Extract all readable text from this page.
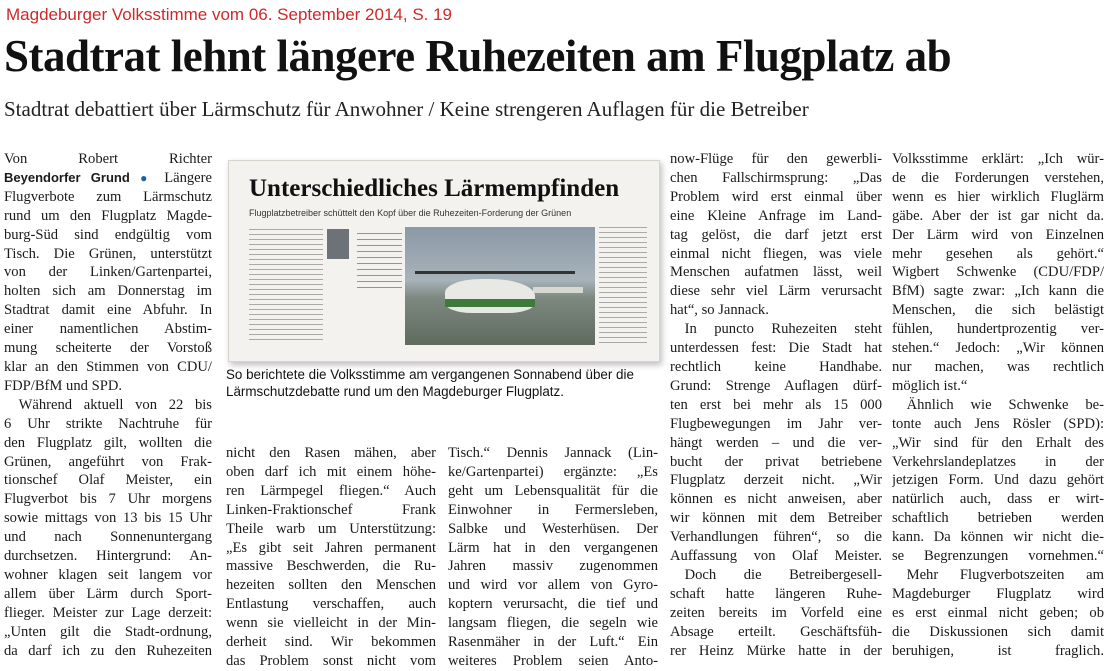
Magdeburger Volksstimme vom 06. September 2014, S. 19
Stadtrat lehnt längere Ruhezeiten am Flugplatz ab
Stadtrat debattiert über Lärmschutz für Anwohner / Keine strengeren Auflagen für die Betreiber
Von Robert Richter
Beyendorfer Grund ● Längere
Flugverbote zum Lärmschutz
rund um den Flugplatz Magde-
burg-Süd sind endgültig vom
Tisch. Die Grünen, unterstützt
von der Linken/Gartenpartei,
holten sich am Donnerstag im
Stadtrat damit eine Abfuhr. In
einer namentlichen Abstim-
mung scheiterte der Vorstoß
klar an den Stimmen von CDU/
FDP/BfM und SPD.
 Während aktuell von 22 bis
6 Uhr strikte Nachtruhe für
den Flugplatz gilt, wollten die
Grünen, angeführt von Frak-
tionschef Olaf Meister, ein
Flugverbot bis 7 Uhr morgens
sowie mittags von 13 bis 15 Uhr
und nach Sonnenuntergang
durchsetzen. Hintergrund: An-
wohner klagen seit langem vor
allem über Lärm durch Sport-
flieger. Meister zur Lage derzeit:
„Unten gilt die Stadt-ordnung,
da darf ich zu den Ruhezeiten
Unterschiedliches Lärmempfinden
Flugplatzbetreiber schüttelt den Kopf über die Ruhezeiten-Forderung der Grünen
So berichtete die Volksstimme am vergangenen Sonnabend über die
Lärmschutzdebatte rund um den Magdeburger Flugplatz.
nicht den Rasen mähen, aber
oben darf ich mit einem höhe-
ren Lärmpegel fliegen.“ Auch
Linken-Fraktionschef Frank
Theile warb um Unterstützung:
„Es gibt seit Jahren permanent
massive Beschwerden, die Ru-
hezeiten sollten den Menschen
Entlastung verschaffen, auch
wenn sie vielleicht in der Min-
derheit sind. Wir bekommen
das Problem sonst nicht vom
Tisch.“ Dennis Jannack (Lin-
ke/Gartenpartei) ergänzte: „Es
geht um Lebensqualität für die
Einwohner in Fermersleben,
Salbke und Westerhüsen. Der
Lärm hat in den vergangenen
Jahren massiv zugenommen
und wird vor allem von Gyro-
koptern verursacht, die tief und
langsam fliegen, die segeln wie
Rasenmäher in der Luft.“ Ein
weiteres Problem seien Anto-
now-Flüge für den gewerbli-
chen Fallschirmsprung: „Das
Problem wird erst einmal über
eine Kleine Anfrage im Land-
tag gelöst, die darf jetzt erst
einmal nicht fliegen, was viele
Menschen aufatmen lässt, weil
diese sehr viel Lärm verursacht
hat“, so Jannack.
 In puncto Ruhezeiten steht
unterdessen fest: Die Stadt hat
rechtlich keine Handhabe.
Grund: Strenge Auflagen dürf-
ten erst bei mehr als 15 000
Flugbewegungen im Jahr ver-
hängt werden – und die ver-
bucht der privat betriebene
Flugplatz derzeit nicht. „Wir
können es nicht anweisen, aber
wir können mit dem Betreiber
Verhandlungen führen“, so die
Auffassung von Olaf Meister.
 Doch die Betreibergesell-
schaft hatte längeren Ruhe-
zeiten bereits im Vorfeld eine
Absage erteilt. Geschäftsfüh-
rer Heinz Mürke hatte in der
Volksstimme erklärt: „Ich wür-
de die Forderungen verstehen,
wenn es hier wirklich Fluglärm
gäbe. Aber der ist gar nicht da.
Der Lärm wird von Einzelnen
mehr gesehen als gehört.“
Wigbert Schwenke (CDU/FDP/
BfM) sagte zwar: „Ich kann die
Menschen, die sich belästigt
fühlen, hundertprozentig ver-
stehen.“ Jedoch: „Wir können
nur machen, was rechtlich
möglich ist.“
 Ähnlich wie Schwenke be-
tonte auch Jens Rösler (SPD):
„Wir sind für den Erhalt des
Verkehrslandeplatzes in der
jetzigen Form. Und dazu gehört
natürlich auch, dass er wirt-
schaftlich betrieben werden
kann. Da können wir nicht die-
se Begrenzungen vornehmen.“
 Mehr Flugverbotszeiten am
Magdeburger Flugplatz wird
es erst einmal nicht geben; ob
die Diskussionen sich damit
beruhigen, ist fraglich.
